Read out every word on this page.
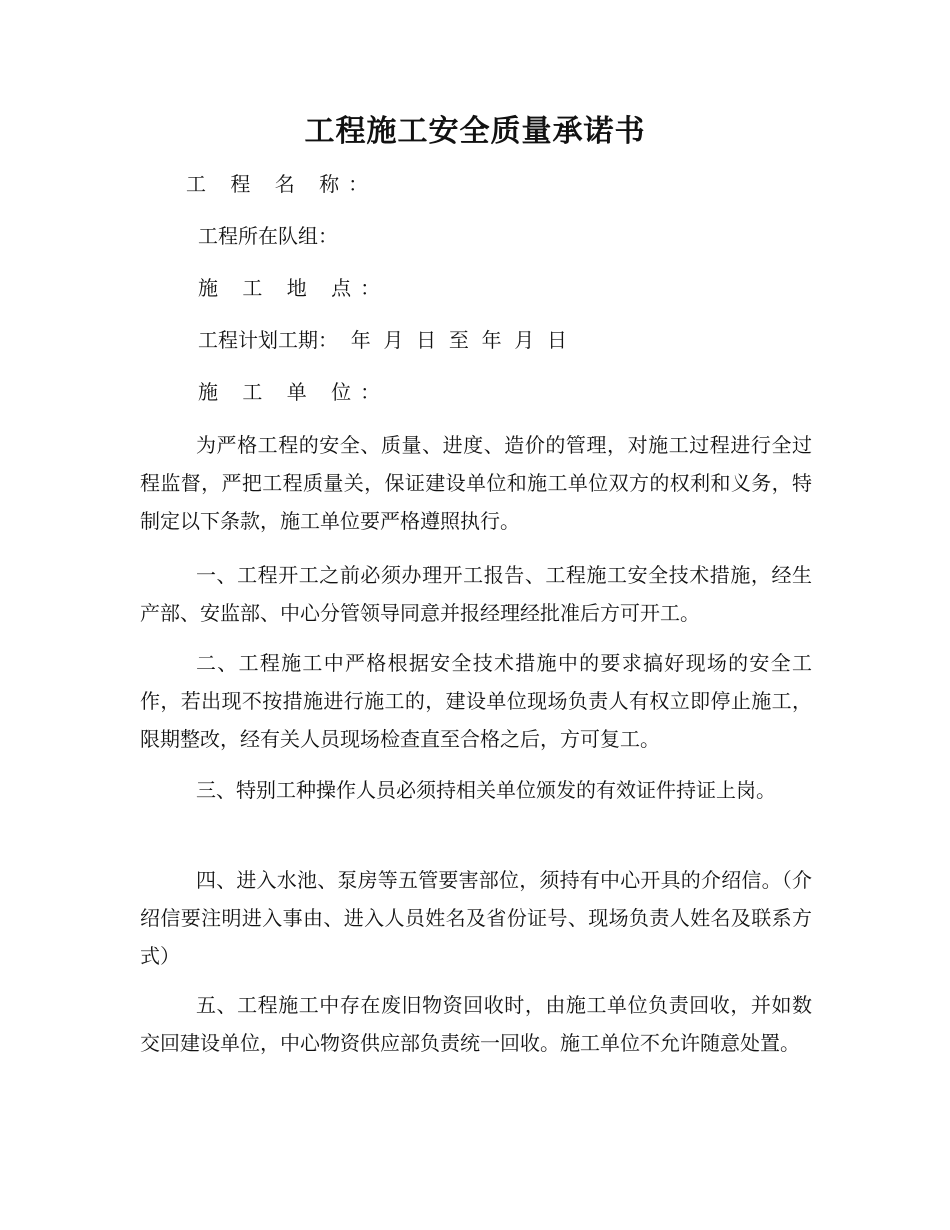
工程施工安全质量承诺书
工 程 名 称：
工程所在队组：
施 工 地 点：
工程计划工期：  年  月  日  至  年  月  日
施 工 单 位：

为严格工程的安全、质量、进度、造价的管理，对施工过程进行全过程监督，严把工程质量关，保证建设单位和施工单位双方的权利和义务，特制定以下条款，施工单位要严格遵照执行。

一、工程开工之前必须办理开工报告、工程施工安全技术措施，经生产部、安监部、中心分管领导同意并报经理经批准后方可开工。

二、工程施工中严格根据安全技术措施中的要求搞好现场的安全工作，若出现不按措施进行施工的，建设单位现场负责人有权立即停止施工，限期整改，经有关人员现场检查直至合格之后，方可复工。

三、特别工种操作人员必须持相关单位颁发的有效证件持证上岗。

四、进入水池、泵房等五管要害部位，须持有中心开具的介绍信。（介绍信要注明进入事由、进入人员姓名及省份证号、现场负责人姓名及联系方式）

五、工程施工中存在废旧物资回收时，由施工单位负责回收，并如数交回建设单位，中心物资供应部负责统一回收。施工单位不允许随意处置。
